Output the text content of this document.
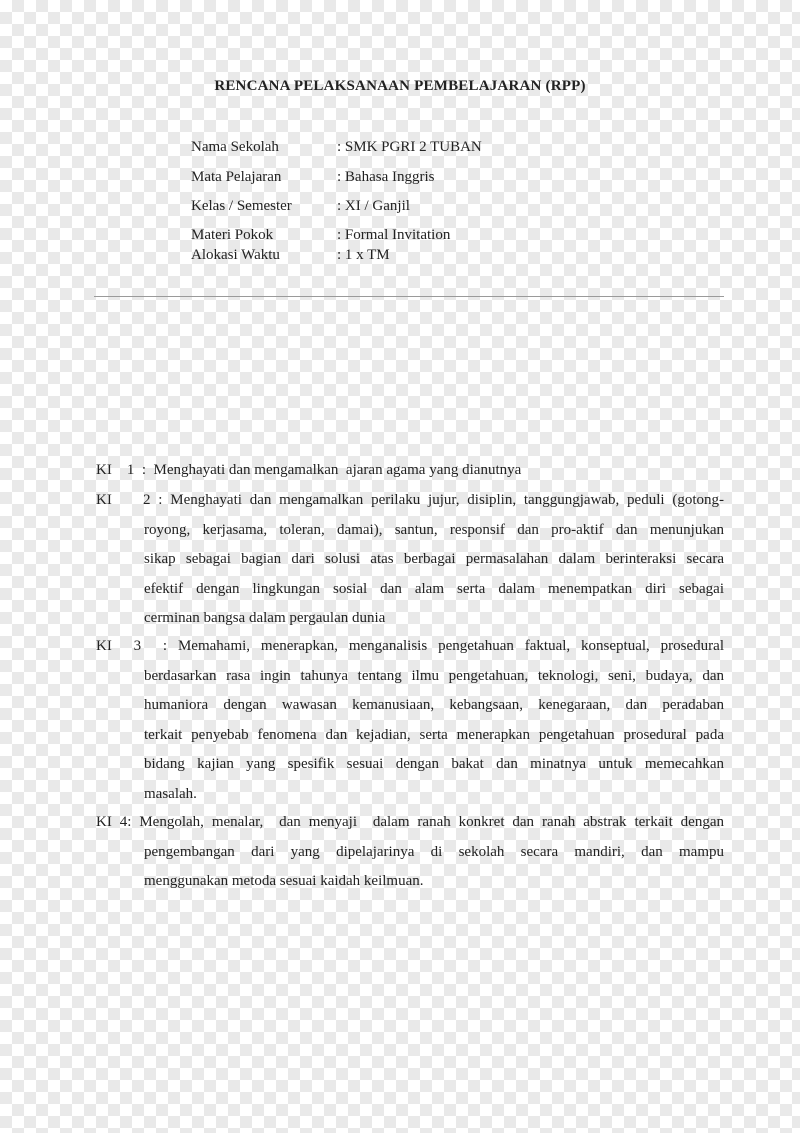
RENCANA PELAKSANAAN PEMBELAJARAN (RPP)
Nama Sekolah	: SMK PGRI 2 TUBAN
Mata Pelajaran	: Bahasa Inggris
Kelas / Semester	: XI / Ganjil
Materi Pokok	: Formal Invitation
Alokasi Waktu	: 1 x TM
KI    1  :  Menghayati dan mengamalkan  ajaran agama yang dianutnya
KI    2 : Menghayati dan mengamalkan perilaku jujur, disiplin, tanggungjawab, peduli (gotong-
royong, kerjasama, toleran, damai), santun, responsif dan pro-aktif dan menunjukan
sikap sebagai bagian dari solusi atas berbagai permasalahan dalam berinteraksi secara
efektif dengan lingkungan sosial dan alam serta dalam menempatkan diri sebagai
cerminan bangsa dalam pergaulan dunia
KI  3  : Memahami, menerapkan, menganalisis pengetahuan faktual, konseptual, prosedural
berdasarkan rasa ingin tahunya tentang ilmu pengetahuan, teknologi, seni, budaya, dan
humaniora dengan wawasan kemanusiaan, kebangsaan, kenegaraan, dan peradaban
terkait penyebab fenomena dan kejadian, serta menerapkan pengetahuan prosedural pada
bidang kajian yang spesifik sesuai dengan bakat dan minatnya untuk memecahkan
masalah.
KI 4: Mengolah, menalar,  dan menyaji  dalam ranah konkret dan ranah abstrak terkait dengan
pengembangan dari yang dipelajarinya di sekolah secara mandiri, dan mampu
menggunakan metoda sesuai kaidah keilmuan.
